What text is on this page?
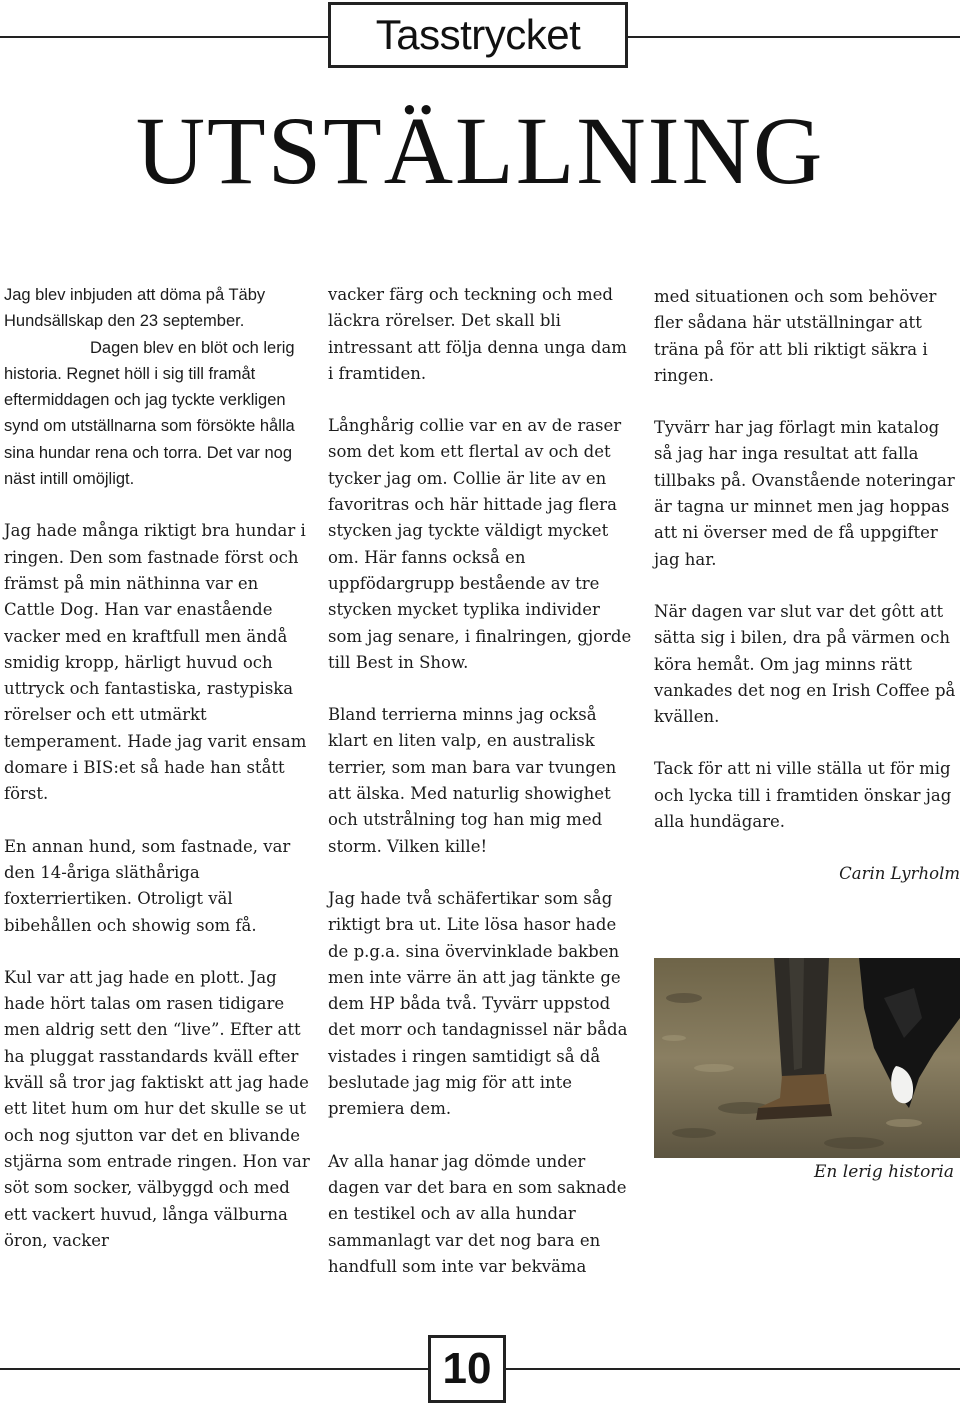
Tasstrycket
UTSTÄLLNING

Jag blev inbjuden att döma på Täby Hundsällskap den 23 september.

Dagen blev en blöt och lerig historia. Regnet höll i sig till framåt eftermiddagen och jag tyckte verkligen synd om utställnarna som försökte hålla sina hundar rena och torra. Det var nog näst intill omöjligt.

Jag hade många riktigt bra hundar i ringen. Den som fastnade först och främst på min näthinna var en Cattle Dog. Han var enastående vacker med en kraftfull men ändå smidig kropp, härligt huvud och uttryck och fantastiska, rastypiska rörelser och ett utmärkt temperament. Hade jag varit ensam domare i BIS:et så hade han stått först.

En annan hund, som fastnade, var den 14-åriga släthåriga foxterriertiken. Otroligt väl bibehållen och showig som få.

Kul var att jag hade en plott. Jag hade hört talas om rasen tidigare men aldrig sett den “live”. Efter att ha pluggat rasstandards kväll efter kväll så tror jag faktiskt att jag hade ett litet hum om hur det skulle se ut och nog sjutton var det en blivande stjärna som entrade ringen. Hon var söt som socker, välbyggd och med ett vackert huvud, långa välburna öron, vacker

vacker färg och teckning och med läckra rörelser. Det skall bli intressant att följa denna unga dam i framtiden.

Långhårig collie var en av de raser som det kom ett flertal av och det tycker jag om. Collie är lite av en favoritras och här hittade jag flera stycken jag tyckte väldigt mycket om. Här fanns också en uppfödargrupp bestående av tre stycken mycket typlika individer som jag senare, i finalringen, gjorde till Best in Show.

Bland terrierna minns jag också klart en liten valp, en australisk terrier, som man bara var tvungen att älska. Med naturlig showighet och utstrålning tog han mig med storm. Vilken kille!

Jag hade två schäfertikar som såg riktigt bra ut. Lite lösa hasor hade de p.g.a. sina övervinklade bakben men inte värre än att jag tänkte ge dem HP båda två. Tyvärr uppstod det morr och tandagnissel när båda vistades i ringen samtidigt så då beslutade jag mig för att inte premiera dem.

Av alla hanar jag dömde under dagen var det bara en som saknade en testikel och av alla hundar sammanlagt var det nog bara en handfull som inte var bekväma

med situationen och som behöver fler sådana här utställningar att träna på för att bli riktigt säkra i ringen.

Tyvärr har jag förlagt min katalog så jag har inga resultat att falla tillbaks på. Ovanstående noteringar är tagna ur minnet men jag hoppas att ni överser med de få uppgifter jag har.

När dagen var slut var det gôtt att sätta sig i bilen, dra på värmen och köra hemåt. Om jag minns rätt vankades det nog en Irish Coffee på kvällen.

Tack för att ni ville ställa ut för mig och lycka till i framtiden önskar jag alla hundägare.

Carin Lyrholm
En lerig historia
10
